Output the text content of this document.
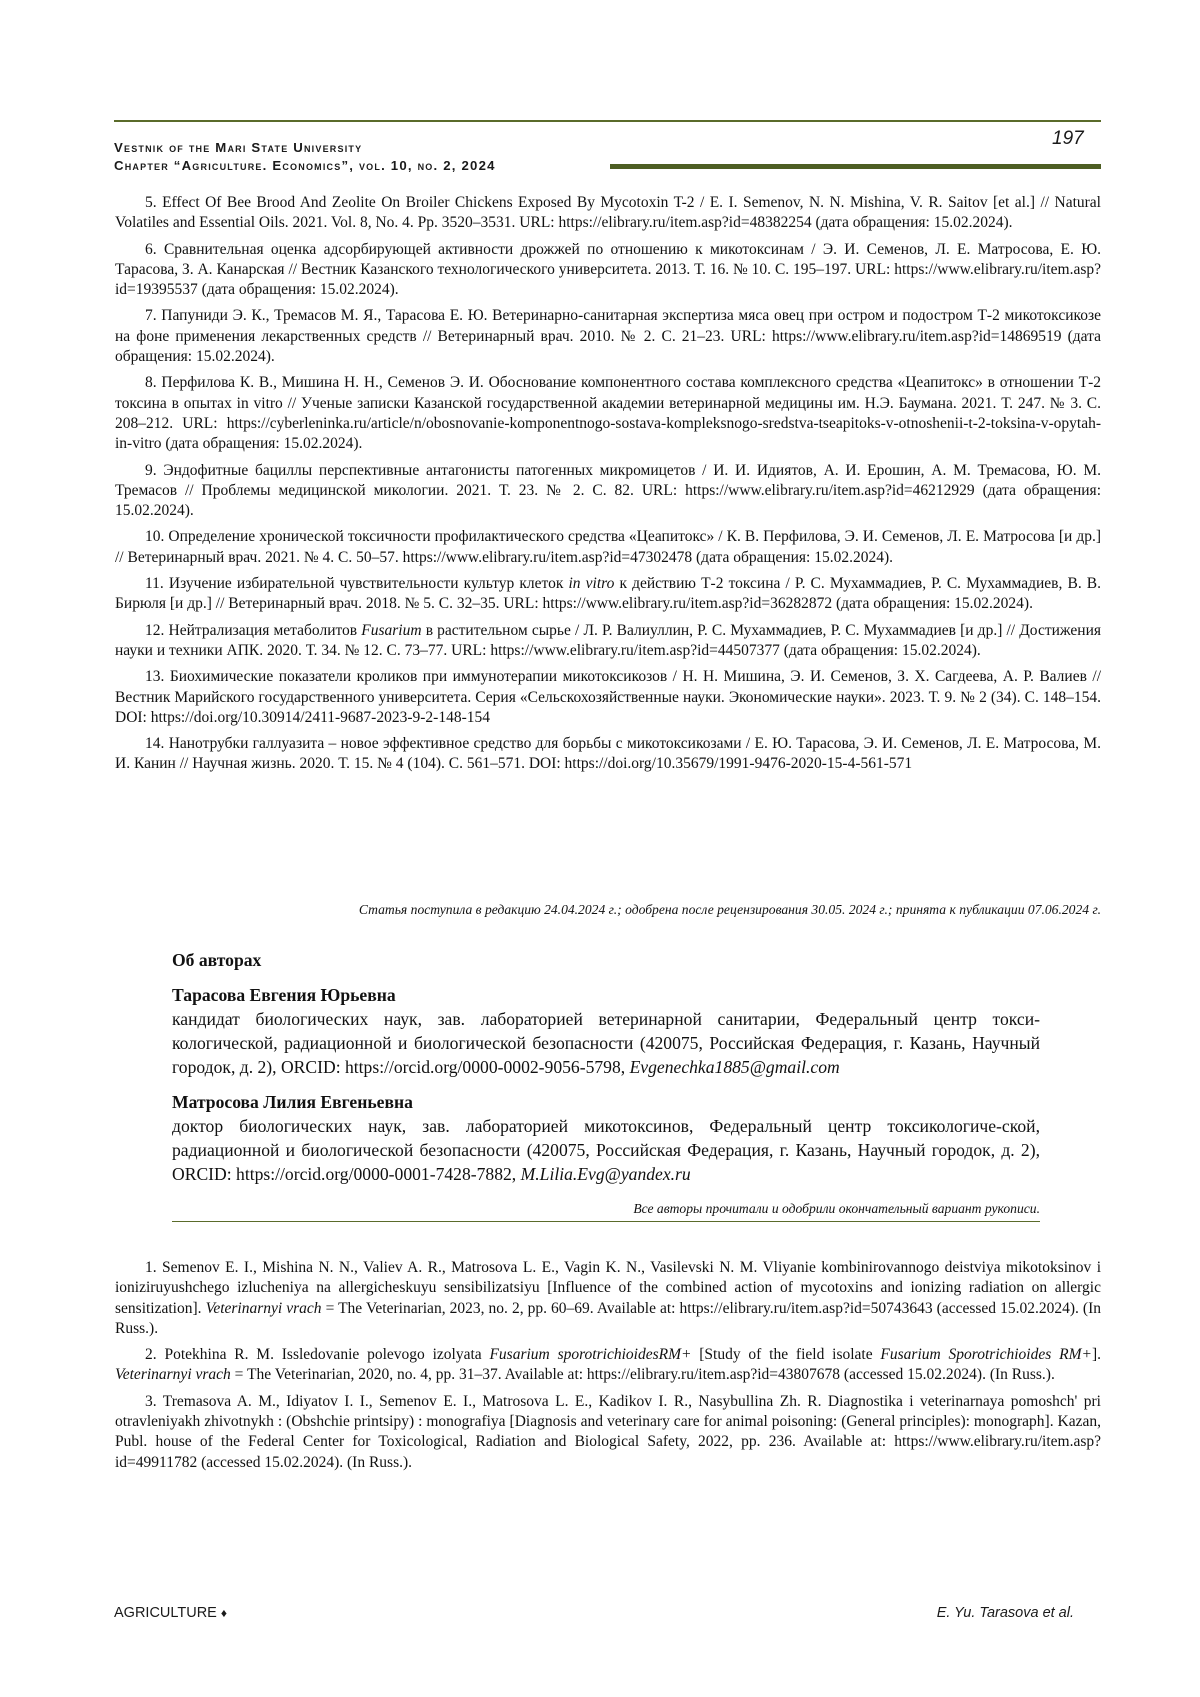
Vestnik of the Mari State University
Chapter “Agriculture. Economics”, vol. 10, no. 2, 2024
197

5. Effect Of Bee Brood And Zeolite On Broiler Chickens Exposed By Mycotoxin T-2 / E. I. Semenov, N. N. Mishina, V. R. Saitov [et al.] // Natural Volatiles and Essential Oils. 2021. Vol. 8, No. 4. Pp. 3520–3531. URL: https://elibrary.ru/item.asp?id=48382254 (дата обращения: 15.02.2024).

6. Сравнительная оценка адсорбирующей активности дрожжей по отношению к микотоксинам / Э. И. Семенов, Л. Е. Матросова, Е. Ю. Тарасова, З. А. Канарская // Вестник Казанского технологического университета. 2013. Т. 16. № 10. С. 195–197. URL: https://www.elibrary.ru/item.asp?id=19395537 (дата обращения: 15.02.2024).

7. Папуниди Э. К., Тремасов М. Я., Тарасова Е. Ю. Ветеринарно-санитарная экспертиза мяса овец при остром и подостром Т-2 микотоксикозе на фоне применения лекарственных средств // Ветеринарный врач. 2010. № 2. С. 21–23. URL: https://www.elibrary.ru/item.asp?id=14869519 (дата обращения: 15.02.2024).

8. Перфилова К. В., Мишина Н. Н., Семенов Э. И. Обоснование компонентного состава комплексного средства «Цеапитокс» в отношении Т-2 токсина в опытах in vitro // Ученые записки Казанской государственной академии ветеринарной медицины им. Н.Э. Баумана. 2021. Т. 247. № 3. С. 208–212. URL: https://cyberleninka.ru/article/n/obosnovanie-komponentnogo-sostava-kompleksnogo-sredstva-tseapitoks-v-otnoshenii-t-2-toksina-v-opytah-in-vitro (дата обращения: 15.02.2024).

9. Эндофитные бациллы перспективные антагонисты патогенных микромицетов / И. И. Идиятов, А. И. Ерошин, А. М. Тремасова, Ю. М. Тремасов // Проблемы медицинской микологии. 2021. Т. 23. № 2. С. 82. URL: https://www.elibrary.ru/item.asp?id=46212929 (дата обращения: 15.02.2024).

10. Определение хронической токсичности профилактического средства «Цеапитокс» / К. В. Перфилова, Э. И. Семенов, Л. Е. Матросова [и др.] // Ветеринарный врач. 2021. № 4. С. 50–57. https://www.elibrary.ru/item.asp?id=47302478 (дата обращения: 15.02.2024).

11. Изучение избирательной чувствительности культур клеток in vitro к действию Т-2 токсина / Р. С. Мухаммадиев, Р. С. Мухаммадиев, В. В. Бирюля [и др.] // Ветеринарный врач. 2018. № 5. С. 32–35. URL: https://www.elibrary.ru/item.asp?id=36282872 (дата обращения: 15.02.2024).

12. Нейтрализация метаболитов Fusarium в растительном сырье / Л. Р. Валиуллин, Р. С. Мухаммадиев, Р. С. Мухаммадиев [и др.] // Достижения науки и техники АПК. 2020. Т. 34. № 12. С. 73–77. URL: https://www.elibrary.ru/item.asp?id=44507377 (дата обращения: 15.02.2024).

13. Биохимические показатели кроликов при иммунотерапии микотоксикозов / Н. Н. Мишина, Э. И. Семенов, З. Х. Сагдеева, А. Р. Валиев // Вестник Марийского государственного университета. Серия «Сельскохозяйственные науки. Экономические науки». 2023. Т. 9. № 2 (34). С. 148–154. DOI: https://doi.org/10.30914/2411-9687-2023-9-2-148-154

14. Нанотрубки галлуазита – новое эффективное средство для борьбы с микотоксикозами / Е. Ю. Тарасова, Э. И. Семенов, Л. Е. Матросова, М. И. Канин // Научная жизнь. 2020. Т. 15. № 4 (104). С. 561–571. DOI: https://doi.org/10.35679/1991-9476-2020-15-4-561-571

Статья поступила в редакцию 24.04.2024 г.; одобрена после рецензирования 30.05. 2024 г.; принята к публикации 07.06.2024 г.
Об авторах
Тарасова Евгения Юрьевна
кандидат биологических наук, зав. лабораторией ветеринарной санитарии, Федеральный центр токси-кологической, радиационной и биологической безопасности (420075, Российская Федерация, г. Казань, Научный городок, д. 2), ORCID: https://orcid.org/0000-0002-9056-5798, Evgenechka1885@gmail.com
Матросова Лилия Евгеньевна
доктор биологических наук, зав. лабораторией микотоксинов, Федеральный центр токсикологиче-ской, радиационной и биологической безопасности (420075, Российская Федерация, г. Казань, Научный городок, д. 2), ORCID: https://orcid.org/0000-0001-7428-7882, M.Lilia.Evg@yandex.ru
Все авторы прочитали и одобрили окончательный вариант рукописи.

1. Semenov E. I., Mishina N. N., Valiev A. R., Matrosova L. E., Vagin K. N., Vasilevski N. M. Vliyanie kombinirovannogo deistviya mikotoksinov i ioniziruyushchego izlucheniya na allergicheskuyu sensibilizatsiyu [Influence of the combined action of mycotoxins and ionizing radiation on allergic sensitization]. Veterinarnyi vrach = The Veterinarian, 2023, no. 2, pp. 60–69. Available at: https://elibrary.ru/item.asp?id=50743643 (accessed 15.02.2024). (In Russ.).

2. Potekhina R. M. Issledovanie polevogo izolyata Fusarium sporotrichioidesRM+ [Study of the field isolate Fusarium Sporotrichioides RM+]. Veterinarnyi vrach = The Veterinarian, 2020, no. 4, pp. 31–37. Available at: https://elibrary.ru/item.asp?id=43807678 (accessed 15.02.2024). (In Russ.).

3. Tremasova A. M., Idiyatov I. I., Semenov E. I., Matrosova L. E., Kadikov I. R., Nasybullina Zh. R. Diagnostika i veterinarnaya pomoshch' pri otravleniyakh zhivotnykh : (Obshchie printsipy) : monografiya [Diagnosis and veterinary care for animal poisoning: (General principles): monograph]. Kazan, Publ. house of the Federal Center for Toxicological, Radiation and Biological Safety, 2022, pp. 236. Available at: https://www.elibrary.ru/item.asp?id=49911782 (accessed 15.02.2024). (In Russ.).

AGRICULTURE ♦	E. Yu. Tarasova et al.
